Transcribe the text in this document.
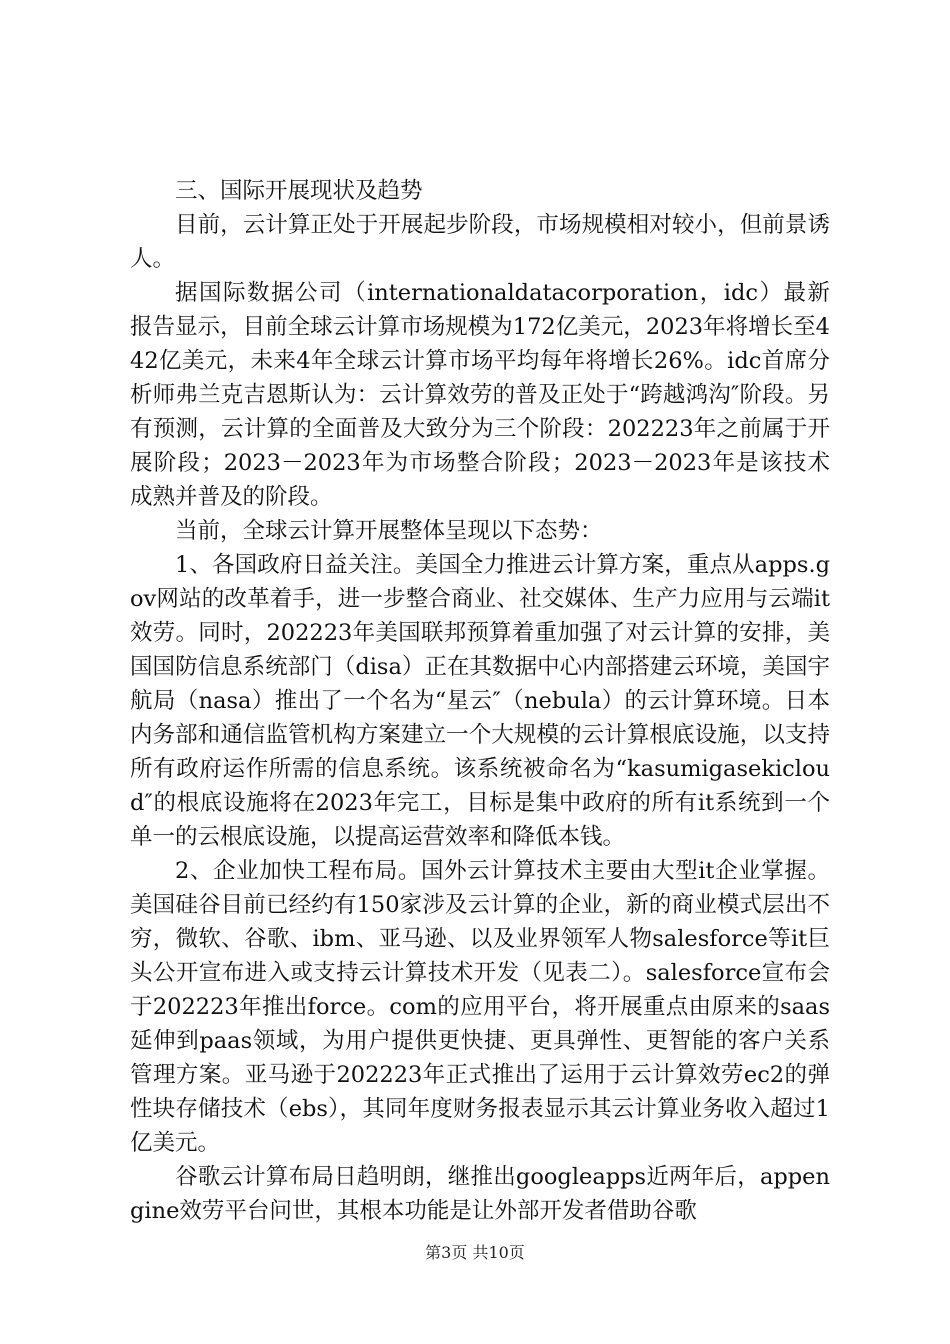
三、国际开展现状及趋势

目前，云计算正处于开展起步阶段，市场规模相对较小，但前景诱人。

据国际数据公司（internationaldatacorporation，idc）最新报告显示，目前全球云计算市场规模为172亿美元，2023年将增长至442亿美元，未来4年全球云计算市场平均每年将增长26%。idc首席分析师弗兰克吉恩斯认为：云计算效劳的普及正处于“跨越鸿沟″阶段。另有预测，云计算的全面普及大致分为三个阶段：202223年之前属于开展阶段；2023－2023年为市场整合阶段；2023－2023年是该技术成熟并普及的阶段。

当前，全球云计算开展整体呈现以下态势：

1、各国政府日益关注。美国全力推进云计算方案，重点从apps.gov网站的改革着手，进一步整合商业、社交媒体、生产力应用与云端it效劳。同时，202223年美国联邦预算着重加强了对云计算的安排，美国国防信息系统部门（disa）正在其数据中心内部搭建云环境，美国宇航局（nasa）推出了一个名为“星云″（nebula）的云计算环境。日本内务部和通信监管机构方案建立一个大规模的云计算根底设施，以支持所有政府运作所需的信息系统。该系统被命名为“kasumigasekicloud″的根底设施将在2023年完工，目标是集中政府的所有it系统到一个单一的云根底设施，以提高运营效率和降低本钱。

2、企业加快工程布局。国外云计算技术主要由大型it企业掌握。美国硅谷目前已经约有150家涉及云计算的企业，新的商业模式层出不穷，微软、谷歌、ibm、亚马逊、以及业界领军人物salesforce等it巨头公开宣布进入或支持云计算技术开发（见表二）。salesforce宣布会于202223年推出force。com的应用平台，将开展重点由原来的saas延伸到paas领域，为用户提供更快捷、更具弹性、更智能的客户关系管理方案。亚马逊于202223年正式推出了运用于云计算效劳ec2的弹性块存储技术（ebs），其同年度财务报表显示其云计算业务收入超过1亿美元。

谷歌云计算布局日趋明朗，继推出googleapps近两年后，appengine效劳平台问世，其根本功能是让外部开发者借助谷歌

第3页 共10页
